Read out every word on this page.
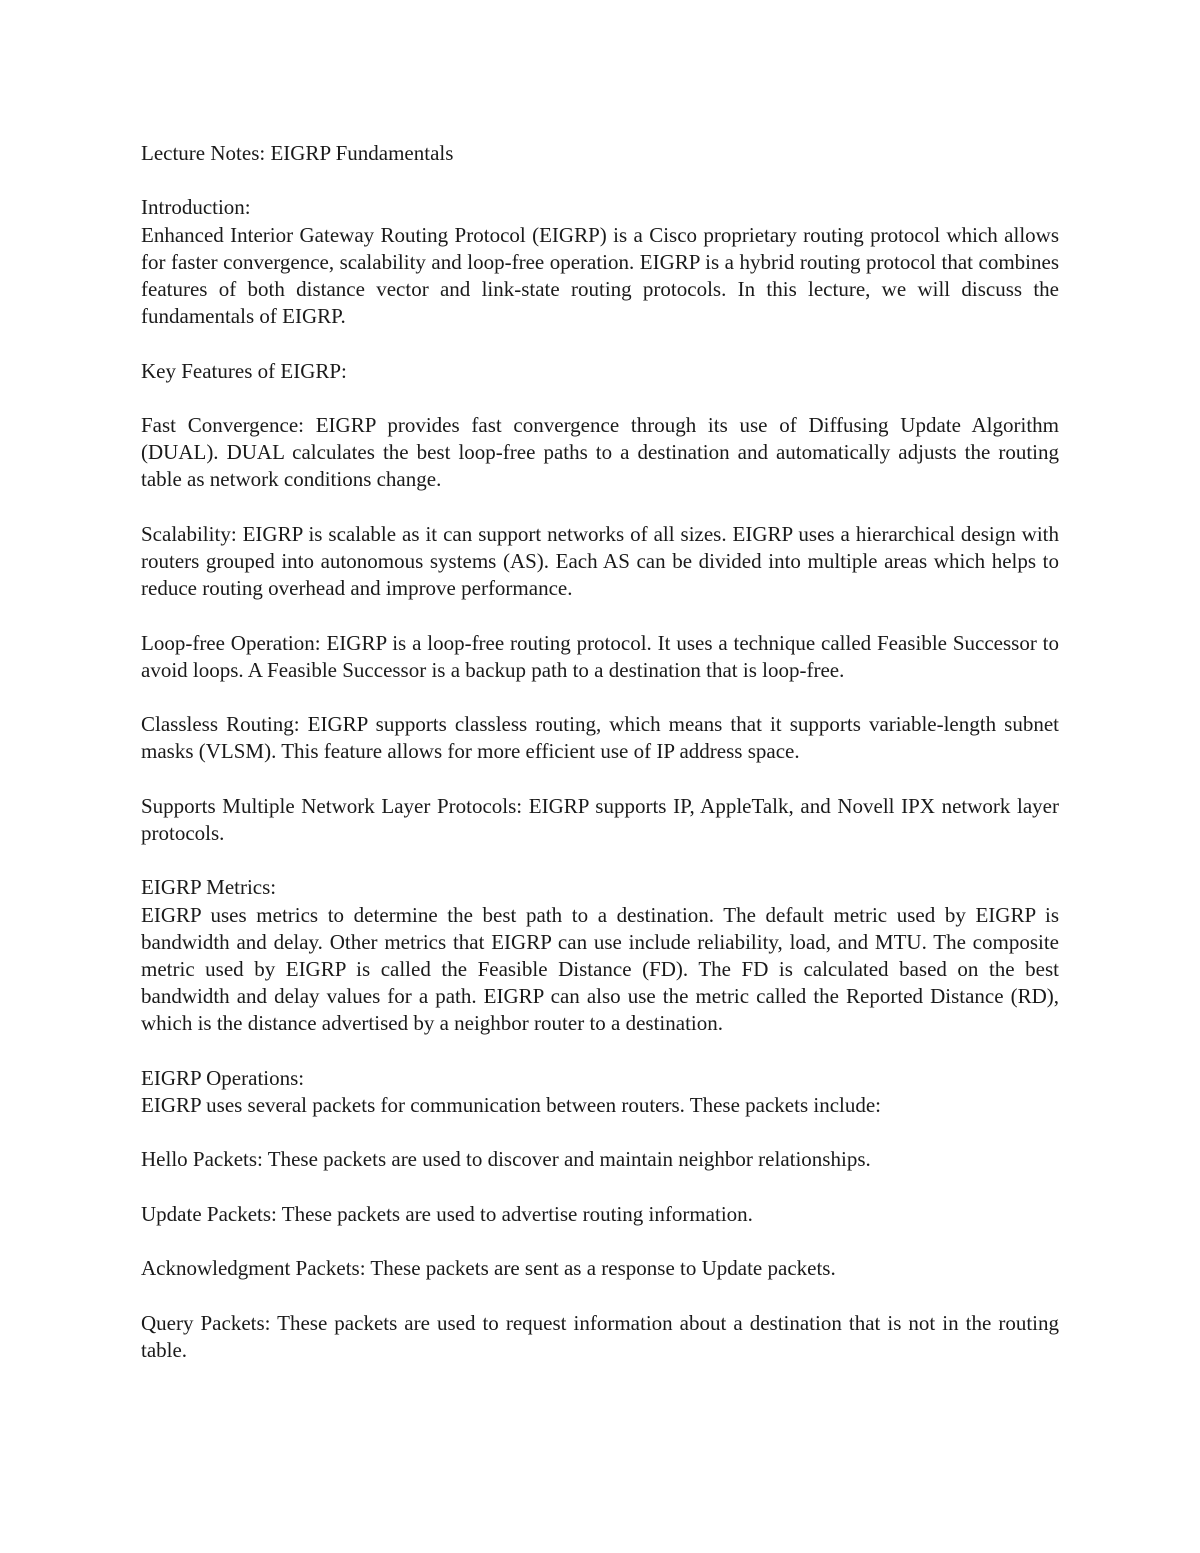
Lecture Notes: EIGRP Fundamentals

Introduction:

Enhanced Interior Gateway Routing Protocol (EIGRP) is a Cisco proprietary routing protocol which allows for faster convergence, scalability and loop-free operation. EIGRP is a hybrid routing protocol that combines features of both distance vector and link-state routing protocols. In this lecture, we will discuss the fundamentals of EIGRP.

Key Features of EIGRP:

Fast Convergence: EIGRP provides fast convergence through its use of Diffusing Update Algorithm (DUAL). DUAL calculates the best loop-free paths to a destination and automatically adjusts the routing table as network conditions change.

Scalability: EIGRP is scalable as it can support networks of all sizes. EIGRP uses a hierarchical design with routers grouped into autonomous systems (AS). Each AS can be divided into multiple areas which helps to reduce routing overhead and improve performance.

Loop-free Operation: EIGRP is a loop-free routing protocol. It uses a technique called Feasible Successor to avoid loops. A Feasible Successor is a backup path to a destination that is loop-free.

Classless Routing: EIGRP supports classless routing, which means that it supports variable-length subnet masks (VLSM). This feature allows for more efficient use of IP address space.

Supports Multiple Network Layer Protocols: EIGRP supports IP, AppleTalk, and Novell IPX network layer protocols.

EIGRP Metrics:

EIGRP uses metrics to determine the best path to a destination. The default metric used by EIGRP is bandwidth and delay. Other metrics that EIGRP can use include reliability, load, and MTU. The composite metric used by EIGRP is called the Feasible Distance (FD). The FD is calculated based on the best bandwidth and delay values for a path. EIGRP can also use the metric called the Reported Distance (RD), which is the distance advertised by a neighbor router to a destination.

EIGRP Operations:

EIGRP uses several packets for communication between routers. These packets include:

Hello Packets: These packets are used to discover and maintain neighbor relationships.

Update Packets: These packets are used to advertise routing information.

Acknowledgment Packets: These packets are sent as a response to Update packets.

Query Packets: These packets are used to request information about a destination that is not in the routing table.
